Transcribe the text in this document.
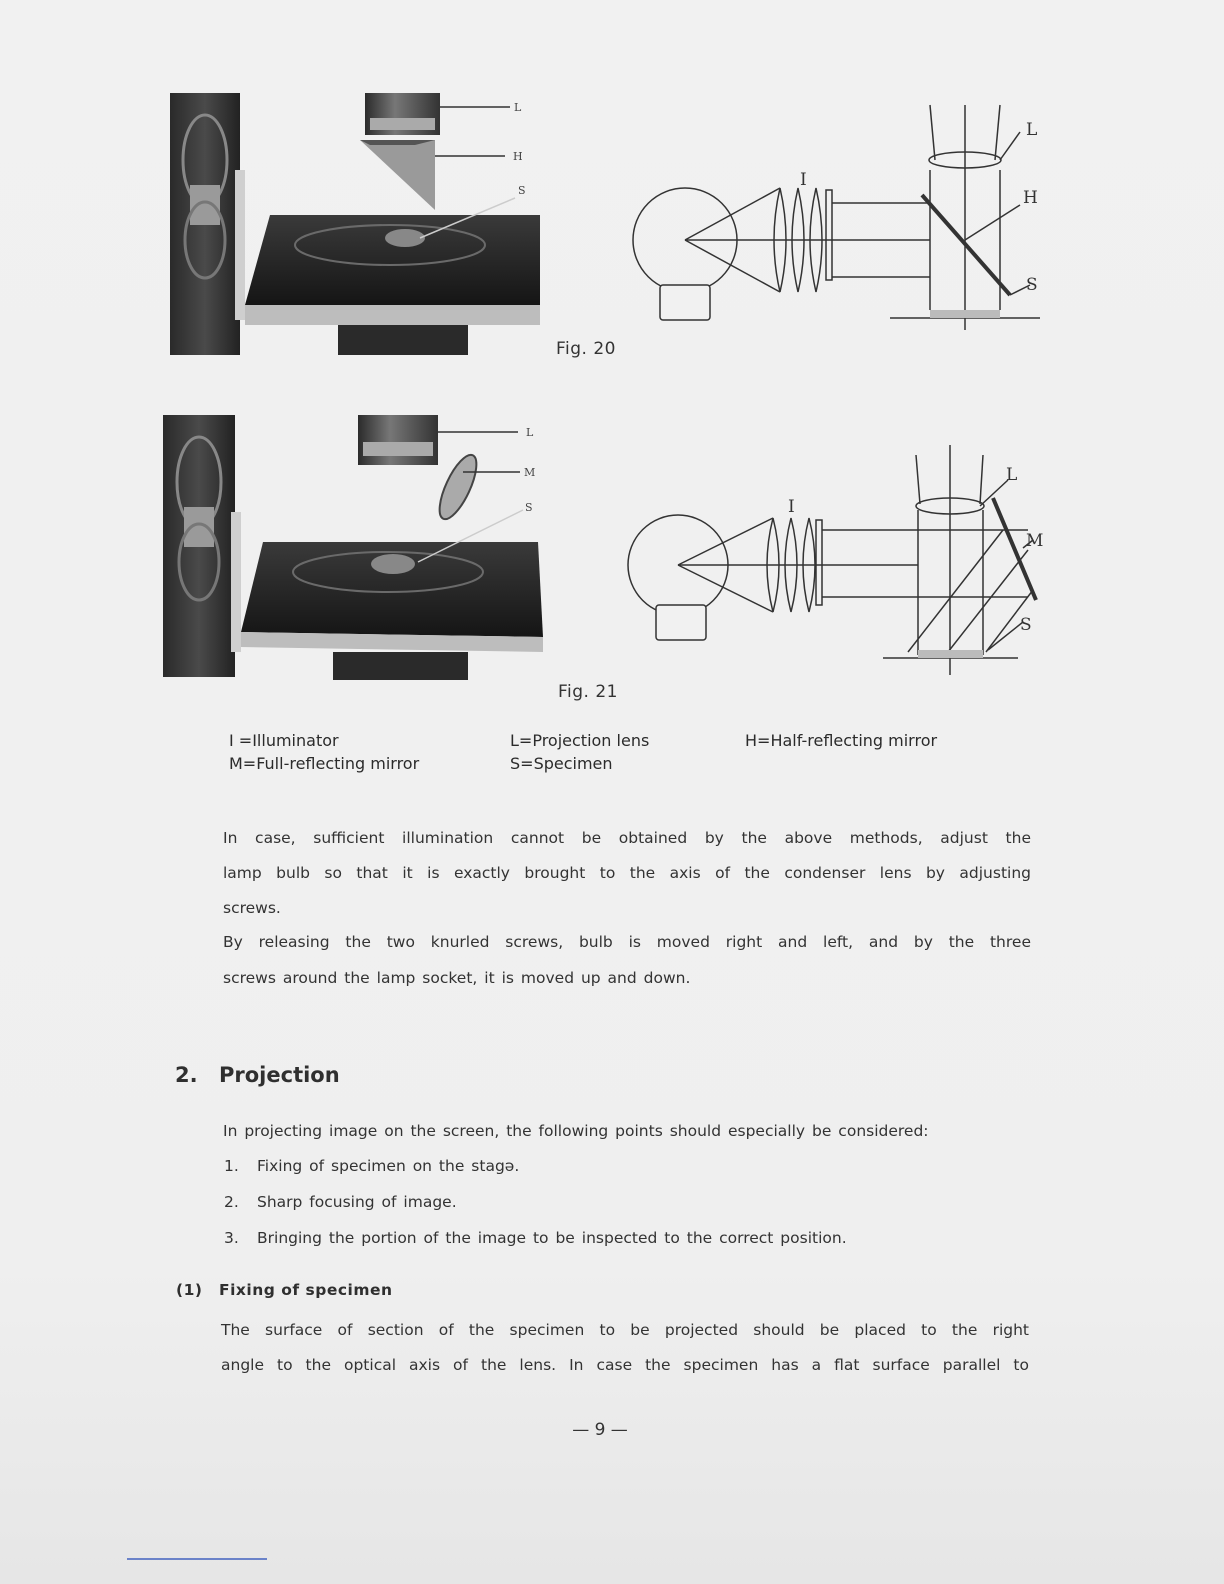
L
H
S
I
L
H
S
Fig. 20
L
M
S	I
L
M
S
Fig. 21
I =Illuminator	L=Projection lens	H=Half-reflecting mirror
M=Full-reflecting mirror	S=Specimen
In case, sufficient illumination cannot be obtained by the above methods, adjust the
lamp bulb so that it is exactly brought to the axis of the condenser lens by adjusting
screws.
By releasing the two knurled screws, bulb is moved right and left, and by the three
screws around the lamp socket, it is moved up and down.
2. Projection
In projecting image on the screen, the following points should especially be considered:
1. Fixing of specimen on the stagə.
2. Sharp focusing of image.
3. Bringing the portion of the image to be inspected to the correct position.
(1) Fixing of specimen
The surface of section of the specimen to be projected should be placed to the right
angle to the optical axis of the lens. In case the specimen has a flat surface parallel to
— 9 —
